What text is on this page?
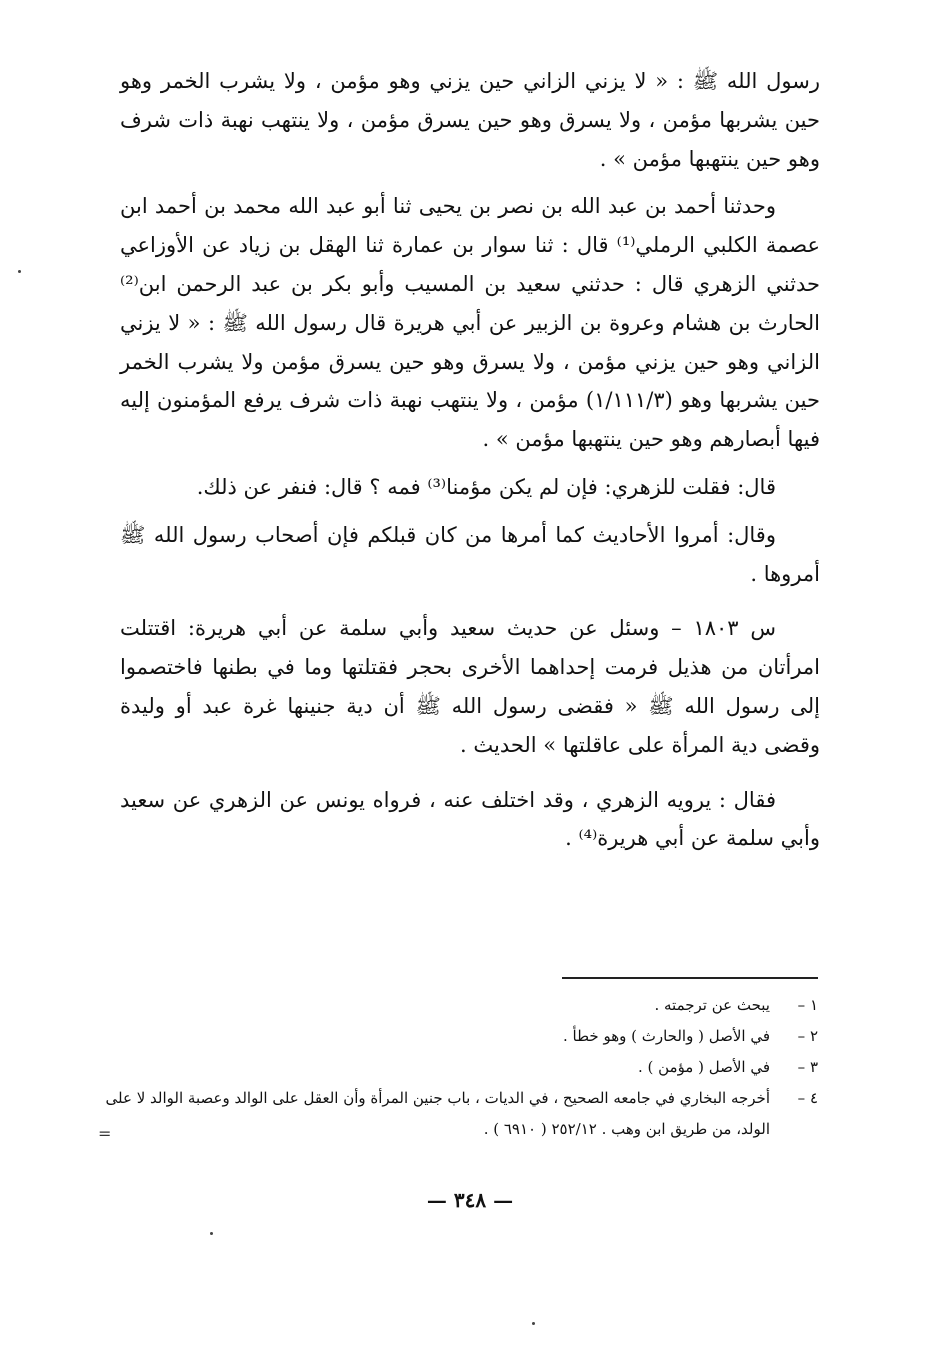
رسول الله ﷺ : « لا يزني الزاني حين يزني وهو مؤمن ، ولا يشرب الخمر وهو حين يشربها مؤمن ، ولا يسرق وهو حين يسرق مؤمن ، ولا ينتهب نهبة ذات شرف وهو حين ينتهبها مؤمن » .

وحدثنا أحمد بن عبد الله بن نصر بن يحيى ثنا أبو عبد الله محمد بن أحمد ابن عصمة الكلبي الرملي⁽¹⁾ قال : ثنا سوار بن عمارة ثنا الهقل بن زياد عن الأوزاعي حدثني الزهري قال : حدثني سعيد بن المسيب وأبو بكر بن عبد الرحمن ابن⁽²⁾ الحارث بن هشام وعروة بن الزبير عن أبي هريرة قال رسول الله ﷺ : « لا يزني الزاني وهو حين يزني مؤمن ، ولا يسرق وهو حين يسرق مؤمن ولا يشرب الخمر حين يشربها وهو (١/١١١/٣) مؤمن ، ولا ينتهب نهبة ذات شرف يرفع المؤمنون إليه فيها أبصارهم وهو حين ينتهبها مؤمن » .

قال: فقلت للزهري: فإن لم يكن مؤمنا⁽³⁾ فمه ؟ قال: فنفر عن ذلك.

وقال: أمروا الأحاديث كما أمرها من كان قبلكم فإن أصحاب رسول الله ﷺ أمروها .

س ١٨٠٣ – وسئل عن حديث سعيد وأبي سلمة عن أبي هريرة: اقتتلت امرأتان من هذيل فرمت إحداهما الأخرى بحجر فقتلتها وما في بطنها فاختصموا إلى رسول الله ﷺ « فقضى رسول الله ﷺ أن دية جنينها غرة عبد أو وليدة وقضى دية المرأة على عاقلتها » الحديث .

فقال : يرويه الزهري ، وقد اختلف عنه ، فرواه يونس عن الزهري عن سعيد وأبي سلمة عن أبي هريرة⁽⁴⁾ .

١ –
يبحث عن ترجمته .
٢ –
في الأصل ( والحارث ) وهو خطأ .
٣ –
في الأصل ( مؤمن ) .
٤ –
أخرجه البخاري في جامعه الصحيح ، في الديات ، باب جنين المرأة وأن العقل على الوالد وعصبة الوالد لا على الولد، من طريق ابن وهب . ٢٥٢/١٢ ( ٦٩١٠ ) .
=
— ٣٤٨ —
